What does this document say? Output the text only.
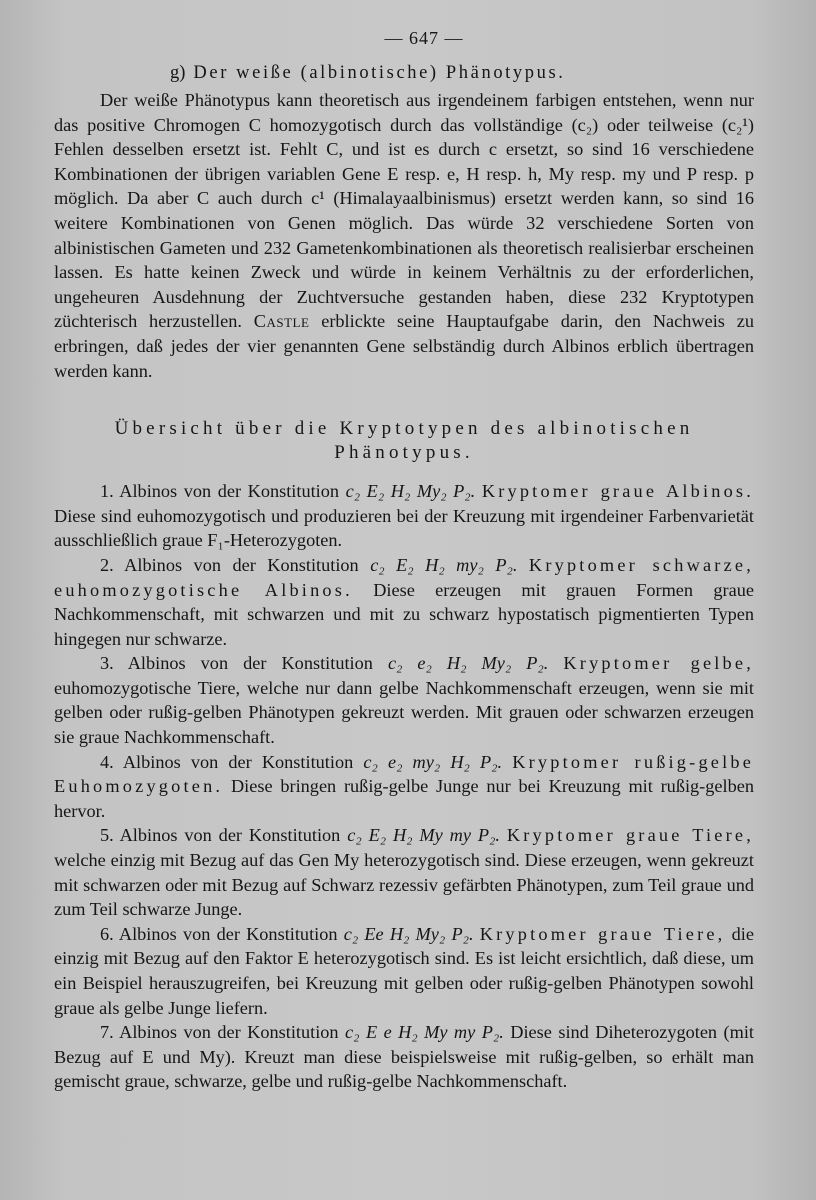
— 647 —
g) Der weiße (albinotische) Phänotypus.

Der weiße Phänotypus kann theoretisch aus irgendeinem farbigen entstehen, wenn nur das positive Chromogen C homozygotisch durch das vollständige (c₂) oder teilweise (c₂¹) Fehlen desselben ersetzt ist. Fehlt C, und ist es durch c ersetzt, so sind 16 verschiedene Kombinationen der übrigen variablen Gene E resp. e, H resp. h, My resp. my und P resp. p möglich. Da aber C auch durch c¹ (Himalayaalbinismus) ersetzt werden kann, so sind 16 weitere Kombinationen von Genen möglich. Das würde 32 verschiedene Sorten von albinistischen Gameten und 232 Gametenkombinationen als theoretisch realisierbar erscheinen lassen. Es hatte keinen Zweck und würde in keinem Verhältnis zu der erforderlichen, ungeheuren Ausdehnung der Zuchtversuche gestanden haben, diese 232 Kryptotypen züchterisch herzustellen. Castle erblickte seine Hauptaufgabe darin, den Nachweis zu erbringen, daß jedes der vier genannten Gene selbständig durch Albinos erblich übertragen werden kann.

Übersicht über die Kryptotypen des albinotischen Phänotypus.

1. Albinos von der Konstitution c₂ E₂ H₂ My₂ P₂. Kryptomer graue Albinos. Diese sind euhomozygotisch und produzieren bei der Kreuzung mit irgendeiner Farbenvarietät ausschließlich graue F₁-Heterozygoten.

2. Albinos von der Konstitution c₂ E₂ H₂ my₂ P₂. Kryptomer schwarze, euhomozygotische Albinos. Diese erzeugen mit grauen Formen graue Nachkommenschaft, mit schwarzen und mit zu schwarz hypostatisch pigmentierten Typen hingegen nur schwarze.

3. Albinos von der Konstitution c₂ e₂ H₂ My₂ P₂. Kryptomer gelbe, euhomozygotische Tiere, welche nur dann gelbe Nachkommenschaft erzeugen, wenn sie mit gelben oder rußig-gelben Phänotypen gekreuzt werden. Mit grauen oder schwarzen erzeugen sie graue Nachkommenschaft.

4. Albinos von der Konstitution c₂ e₂ my₂ H₂ P₂. Kryptomer rußig-gelbe Euhomozygoten. Diese bringen rußig-gelbe Junge nur bei Kreuzung mit rußig-gelben hervor.

5. Albinos von der Konstitution c₂ E₂ H₂ My my P₂. Kryptomer graue Tiere, welche einzig mit Bezug auf das Gen My heterozygotisch sind. Diese erzeugen, wenn gekreuzt mit schwarzen oder mit Bezug auf Schwarz rezessiv gefärbten Phänotypen, zum Teil graue und zum Teil schwarze Junge.

6. Albinos von der Konstitution c₂ Ee H₂ My₂ P₂. Kryptomer graue Tiere, die einzig mit Bezug auf den Faktor E heterozygotisch sind. Es ist leicht ersichtlich, daß diese, um ein Beispiel herauszugreifen, bei Kreuzung mit gelben oder rußig-gelben Phänotypen sowohl graue als gelbe Junge liefern.

7. Albinos von der Konstitution c₂ E e H₂ My my P₂. Diese sind Diheterozygoten (mit Bezug auf E und My). Kreuzt man diese beispielsweise mit rußig-gelben, so erhält man gemischt graue, schwarze, gelbe und rußig-gelbe Nachkommenschaft.
